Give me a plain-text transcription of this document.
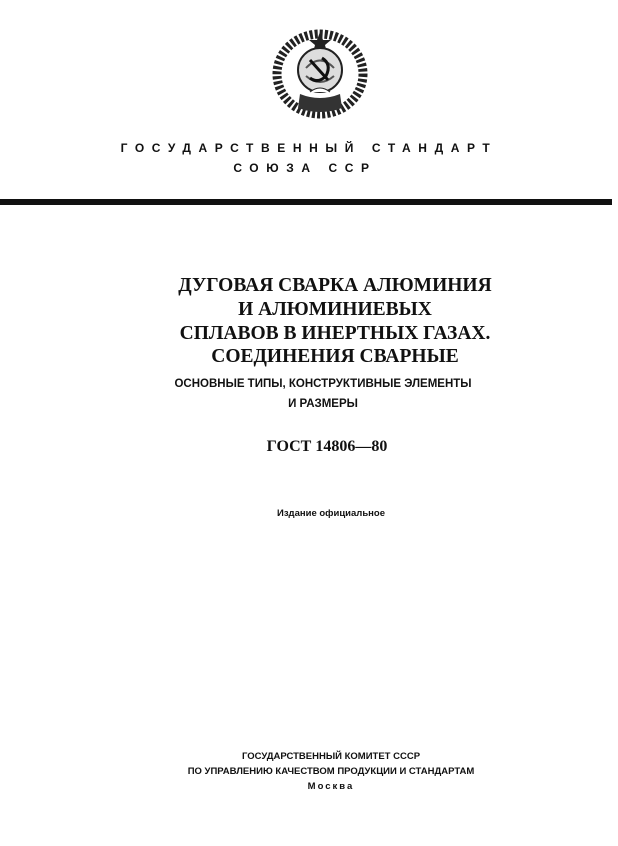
ГОСУДАРСТВЕННЫЙ СТАНДАРТ
СОЮЗА ССР
ДУГОВАЯ СВАРКА АЛЮМИНИЯ
И АЛЮМИНИЕВЫХ
СПЛАВОВ В ИНЕРТНЫХ ГАЗАХ.
СОЕДИНЕНИЯ СВАРНЫЕ
ОСНОВНЫЕ ТИПЫ, КОНСТРУКТИВНЫЕ ЭЛЕМЕНТЫ
И РАЗМЕРЫ
ГОСТ 14806—80
Издание официальное
ГОСУДАРСТВЕННЫЙ КОМИТЕТ СССР
ПО УПРАВЛЕНИЮ КАЧЕСТВОМ ПРОДУКЦИИ И СТАНДАРТАМ
Москва
